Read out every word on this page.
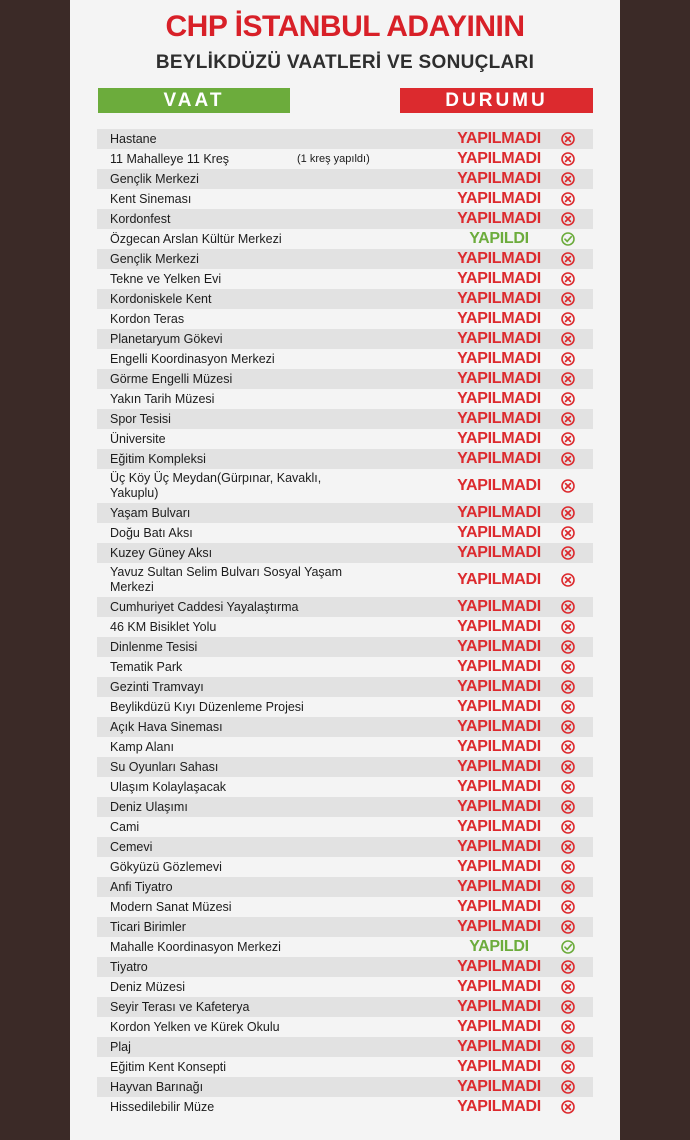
CHP İSTANBUL ADAYININ
BEYLİKDÜZÜ VAATLERİ VE SONUÇLARI
VAAT	DURUMU
Hastane	YAPILMADI
11 Mahalleye 11 Kreş	(1 kreş yapıldı)	YAPILMADI
Gençlik Merkezi	YAPILMADI
Kent Sineması	YAPILMADI
Kordonfest	YAPILMADI
Özgecan Arslan Kültür Merkezi	YAPILDI
Gençlik Merkezi	YAPILMADI
Tekne ve Yelken Evi	YAPILMADI
Kordoniskele Kent	YAPILMADI
Kordon Teras	YAPILMADI
Planetaryum Gökevi	YAPILMADI
Engelli Koordinasyon Merkezi	YAPILMADI
Görme Engelli Müzesi	YAPILMADI
Yakın Tarih Müzesi	YAPILMADI
Spor Tesisi	YAPILMADI
Üniversite	YAPILMADI
Eğitim Kompleksi	YAPILMADI
Üç Köy Üç Meydan(Gürpınar, Kavaklı, Yakuplu)	YAPILMADI
Yaşam Bulvarı	YAPILMADI
Doğu Batı Aksı	YAPILMADI
Kuzey Güney Aksı	YAPILMADI
Yavuz Sultan Selim Bulvarı Sosyal Yaşam Merkezi	YAPILMADI
Cumhuriyet Caddesi Yayalaştırma	YAPILMADI
46 KM Bisiklet Yolu	YAPILMADI
Dinlenme Tesisi	YAPILMADI
Tematik Park	YAPILMADI
Gezinti Tramvayı	YAPILMADI
Beylikdüzü Kıyı Düzenleme Projesi	YAPILMADI
Açık Hava Sineması	YAPILMADI
Kamp Alanı	YAPILMADI
Su Oyunları Sahası	YAPILMADI
Ulaşım Kolaylaşacak	YAPILMADI
Deniz Ulaşımı	YAPILMADI
Cami	YAPILMADI
Cemevi	YAPILMADI
Gökyüzü Gözlemevi	YAPILMADI
Anfi Tiyatro	YAPILMADI
Modern Sanat Müzesi	YAPILMADI
Ticari Birimler	YAPILMADI
Mahalle Koordinasyon Merkezi	YAPILDI
Tiyatro	YAPILMADI
Deniz Müzesi	YAPILMADI
Seyir Terası ve Kafeterya	YAPILMADI
Kordon Yelken ve Kürek Okulu	YAPILMADI
Plaj	YAPILMADI
Eğitim Kent Konsepti	YAPILMADI
Hayvan Barınağı	YAPILMADI
Hissedilebilir Müze	YAPILMADI
